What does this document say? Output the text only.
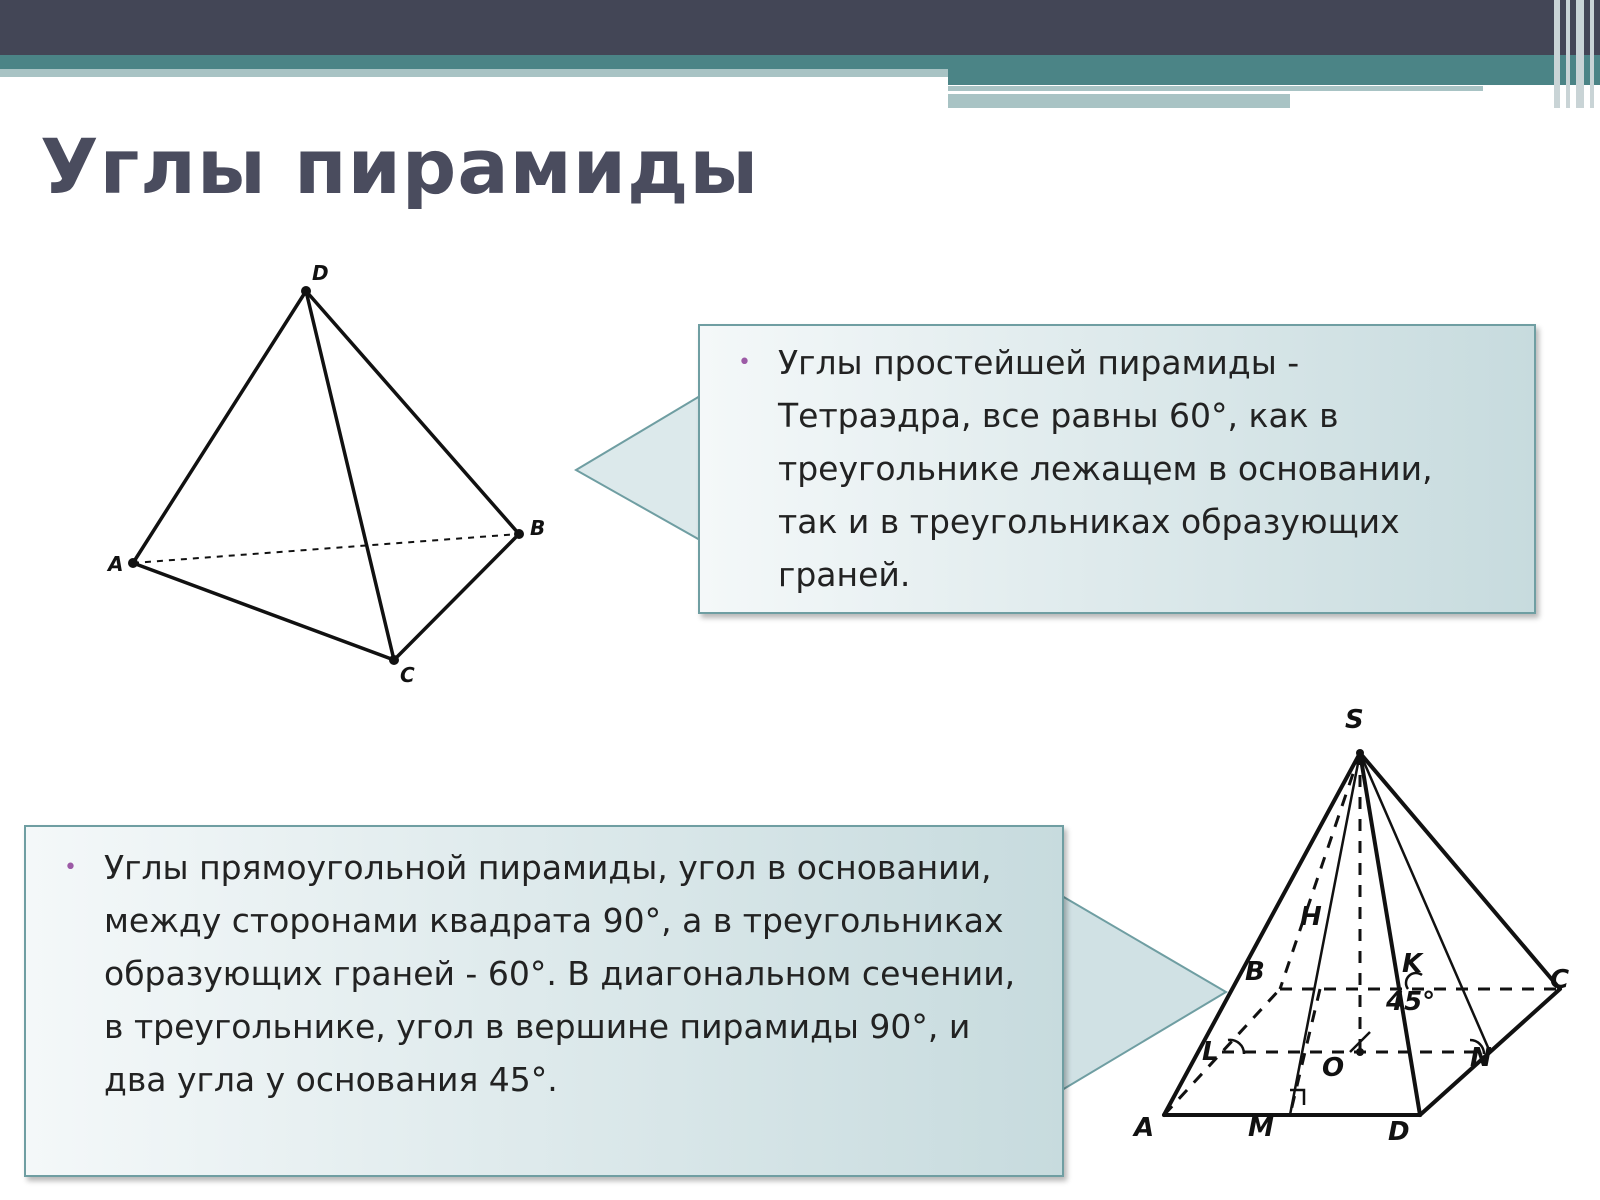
Углы пирамиды
D
A
B
C
• Углы простейшей пирамиды - Тетраэдра, все равны 60°, как в треугольнике лежащем в основании, так и в треугольниках образующих граней.
• Углы прямоугольной пирамиды, угол в основании, между сторонами квадрата 90°, а в треугольниках образующих граней - 60°. В диагональном сечении, в треугольнике, угол в вершине пирамиды 90°, и два угла у основания 45°.
S
H
B	K
C
45°
L
O	N
A	M	D
